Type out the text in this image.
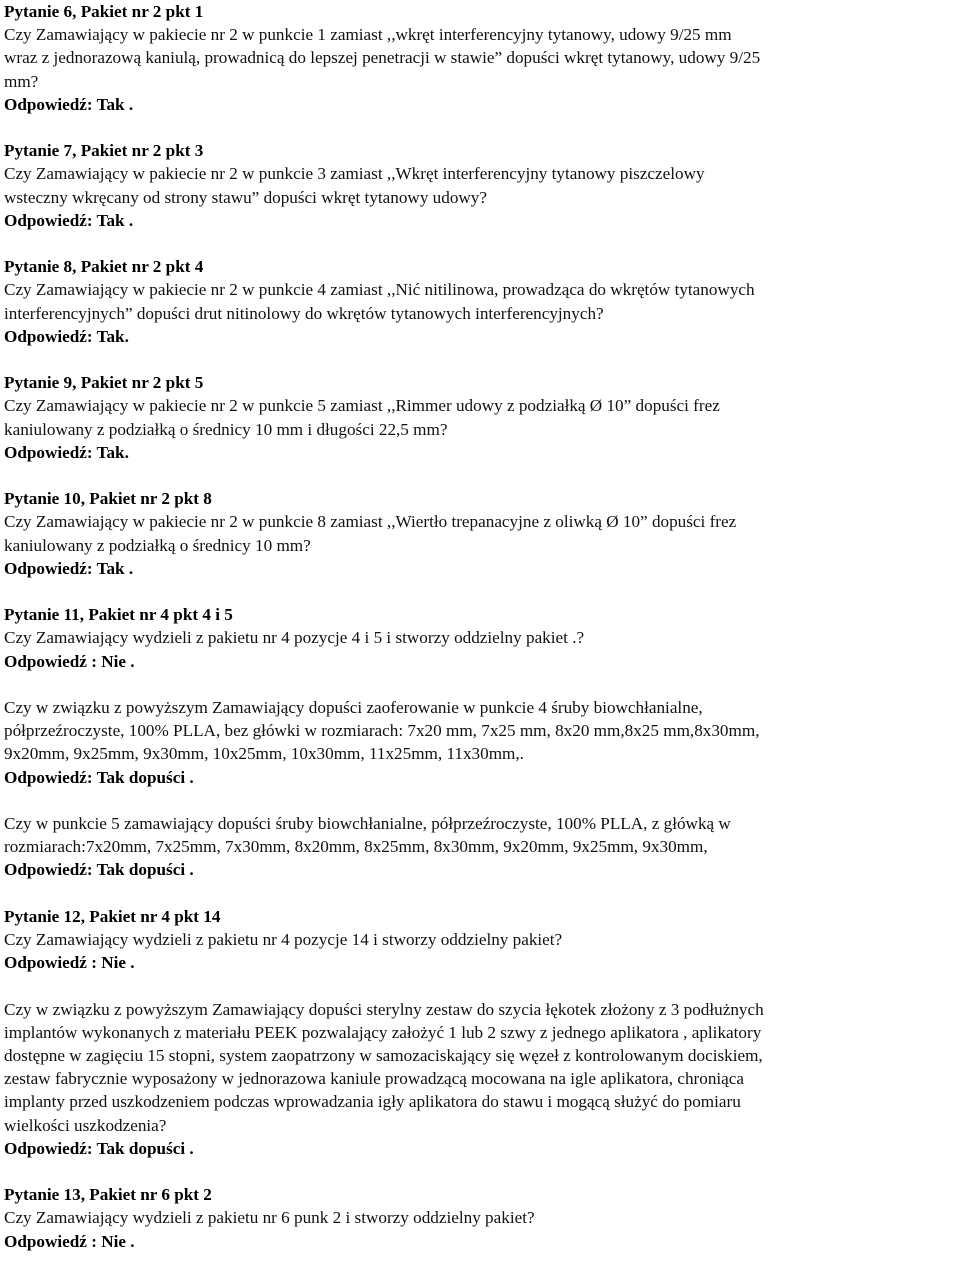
Pytanie 6, Pakiet nr 2 pkt 1
Czy Zamawiający w pakiecie nr 2 w punkcie 1 zamiast ,,wkręt interferencyjny tytanowy, udowy 9/25 mm
wraz z jednorazową kaniulą, prowadnicą do lepszej penetracji w stawie” dopuści wkręt tytanowy, udowy 9/25
mm?
Odpowiedź: Tak .
Pytanie 7, Pakiet nr 2 pkt 3
Czy Zamawiający w pakiecie nr 2 w punkcie 3 zamiast ,,Wkręt interferencyjny tytanowy piszczelowy
wsteczny wkręcany od strony stawu” dopuści wkręt tytanowy udowy?
Odpowiedź: Tak .
Pytanie 8, Pakiet nr 2 pkt 4
Czy Zamawiający w pakiecie nr 2 w punkcie 4 zamiast ,,Nić nitilinowa, prowadząca do wkrętów tytanowych
interferencyjnych” dopuści drut nitinolowy do wkrętów tytanowych interferencyjnych?
Odpowiedź: Tak.
Pytanie 9, Pakiet nr 2 pkt 5
Czy Zamawiający w pakiecie nr 2 w punkcie 5 zamiast ,,Rimmer udowy z podziałką Ø 10” dopuści frez
kaniulowany z podziałką o średnicy 10 mm i długości 22,5 mm?
Odpowiedź: Tak.
Pytanie 10, Pakiet nr 2 pkt 8
Czy Zamawiający w pakiecie nr 2 w punkcie 8 zamiast ,,Wiertło trepanacyjne z oliwką Ø 10” dopuści frez
kaniulowany z podziałką o średnicy 10 mm?
Odpowiedź: Tak .
Pytanie 11, Pakiet nr 4 pkt 4 i 5
Czy Zamawiający wydzieli z pakietu nr 4 pozycje 4 i 5 i stworzy oddzielny pakiet .?
Odpowiedź : Nie .
Czy w związku z powyższym Zamawiający dopuści zaoferowanie w punkcie 4 śruby biowchłanialne,
półprzeźroczyste, 100% PLLA, bez główki w rozmiarach: 7x20 mm, 7x25 mm, 8x20 mm,8x25 mm,8x30mm,
9x20mm, 9x25mm, 9x30mm, 10x25mm, 10x30mm, 11x25mm, 11x30mm,.
Odpowiedź: Tak dopuści .
Czy w punkcie 5 zamawiający dopuści śruby biowchłanialne, półprzeźroczyste, 100% PLLA, z główką w
rozmiarach:7x20mm, 7x25mm, 7x30mm, 8x20mm, 8x25mm, 8x30mm, 9x20mm, 9x25mm, 9x30mm,
Odpowiedź: Tak dopuści .
Pytanie 12, Pakiet nr 4 pkt 14
Czy Zamawiający wydzieli z pakietu nr 4 pozycje 14 i stworzy oddzielny pakiet?
Odpowiedź : Nie .
Czy w związku z powyższym Zamawiający dopuści sterylny zestaw do szycia łękotek złożony z 3 podłużnych
implantów wykonanych z materiału PEEK pozwalający założyć 1 lub 2 szwy z jednego aplikatora , aplikatory
dostępne w zagięciu 15 stopni, system zaopatrzony w samozaciskający się węzeł z kontrolowanym dociskiem,
zestaw fabrycznie wyposażony w jednorazowa kaniule prowadzącą mocowana na igle aplikatora, chroniąca
implanty przed uszkodzeniem podczas wprowadzania igły aplikatora do stawu i mogącą służyć do pomiaru
wielkości uszkodzenia?
Odpowiedź: Tak dopuści .
Pytanie 13, Pakiet nr 6 pkt 2
Czy Zamawiający wydzieli z pakietu nr 6 punk 2 i stworzy oddzielny pakiet?
Odpowiedź : Nie .
